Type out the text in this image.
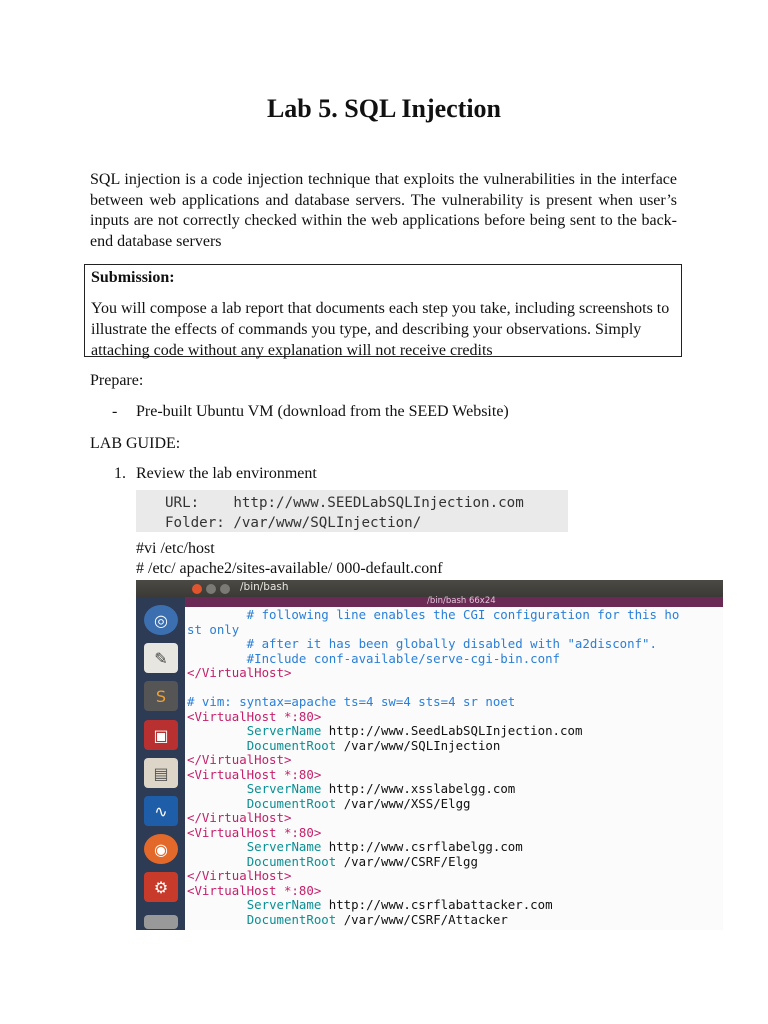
Lab 5. SQL Injection
SQL injection is a code injection technique that exploits the vulnerabilities in the interface between web applications and database servers. The vulnerability is present when user’s inputs are not correctly checked within the web applications before being sent to the back-end database servers
Submission:
You will compose a lab report that documents each step you take, including screenshots to illustrate the effects of commands you type, and describing your observations. Simply attaching code without any explanation will not receive credits
Prepare:
- Pre-built Ubuntu VM (download from the SEED Website)
LAB GUIDE:
1. Review the lab environment
URL:    http://www.SEEDLabSQLInjection.com
Folder: /var/www/SQLInjection/
#vi /etc/host
# /etc/ apache2/sites-available/ 000-default.conf
/bin/bash
◎
✎
S
▣
▤
∿
◉
⚙
/bin/bash 66x24
# following line enables the CGI configuration for this ho
st only
# after it has been globally disabled with "a2disconf".
#Include conf-available/serve-cgi-bin.conf
</VirtualHost>

# vim: syntax=apache ts=4 sw=4 sts=4 sr noet
<VirtualHost *:80>
ServerName http://www.SeedLabSQLInjection.com
DocumentRoot /var/www/SQLInjection
</VirtualHost>
<VirtualHost *:80>
ServerName http://www.xsslabelgg.com
DocumentRoot /var/www/XSS/Elgg
</VirtualHost>
<VirtualHost *:80>
ServerName http://www.csrflabelgg.com
DocumentRoot /var/www/CSRF/Elgg
</VirtualHost>
<VirtualHost *:80>
ServerName http://www.csrflabattacker.com
DocumentRoot /var/www/CSRF/Attacker
